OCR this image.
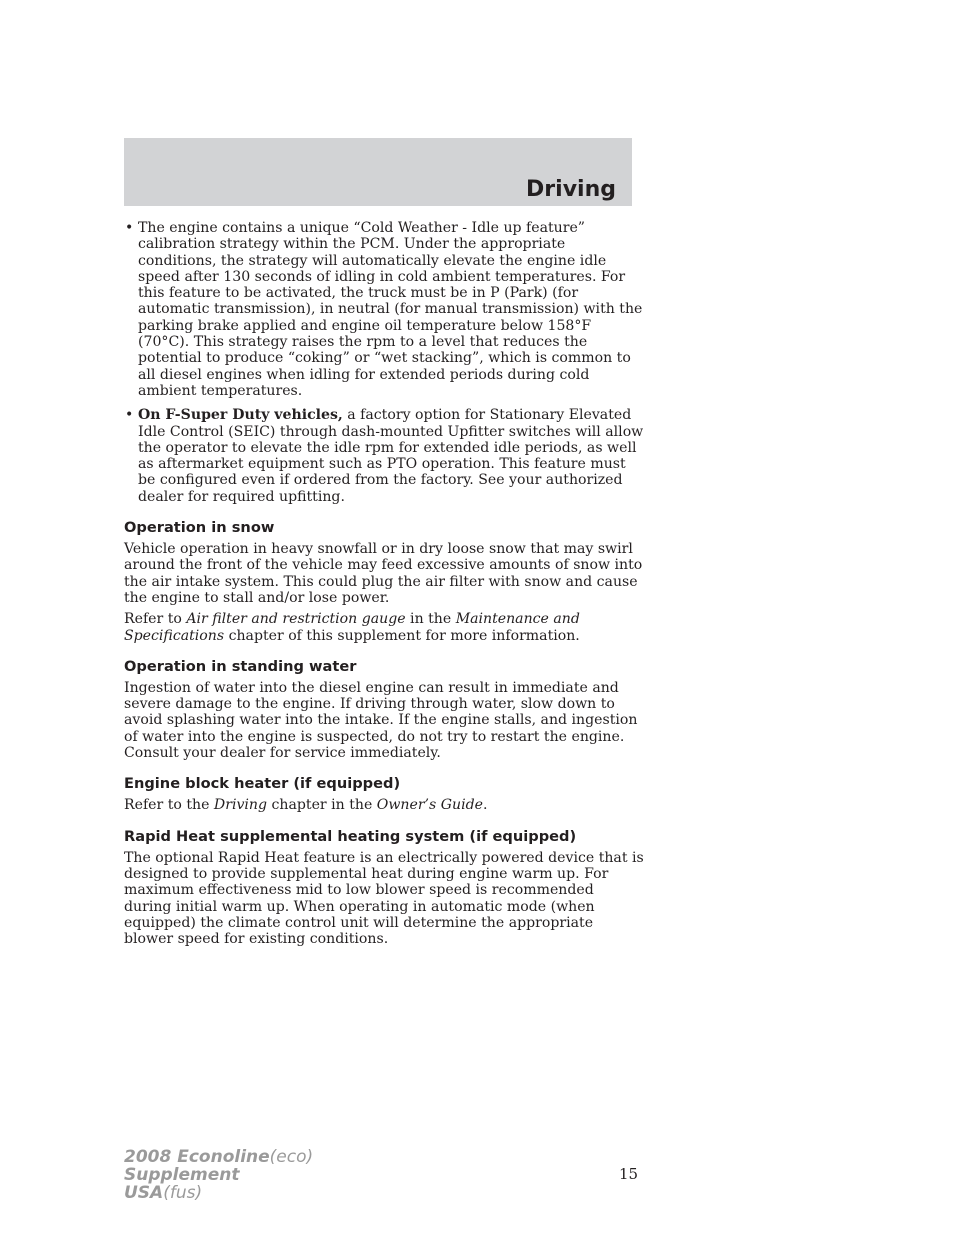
Driving
• The engine contains a unique “Cold Weather - Idle up feature” calibration strategy within the PCM. Under the appropriate conditions, the strategy will automatically elevate the engine idle speed after 130 seconds of idling in cold ambient temperatures. For this feature to be activated, the truck must be in P (Park) (for automatic transmission), in neutral (for manual transmission) with the parking brake applied and engine oil temperature below 158°F (70°C). This strategy raises the rpm to a level that reduces the potential to produce “coking” or “wet stacking”, which is common to all diesel engines when idling for extended periods during cold ambient temperatures.

• On F-Super Duty vehicles, a factory option for Stationary Elevated Idle Control (SEIC) through dash-mounted Upfitter switches will allow the operator to elevate the idle rpm for extended idle periods, as well as aftermarket equipment such as PTO operation. This feature must be configured even if ordered from the factory. See your authorized dealer for required upfitting.

Operation in snow

Vehicle operation in heavy snowfall or in dry loose snow that may swirl around the front of the vehicle may feed excessive amounts of snow into the air intake system. This could plug the air filter with snow and cause the engine to stall and/or lose power.

Refer to Air filter and restriction gauge in the Maintenance and Specifications chapter of this supplement for more information.

Operation in standing water

Ingestion of water into the diesel engine can result in immediate and severe damage to the engine. If driving through water, slow down to avoid splashing water into the intake. If the engine stalls, and ingestion of water into the engine is suspected, do not try to restart the engine. Consult your dealer for service immediately.

Engine block heater (if equipped)

Refer to the Driving chapter in the Owner’s Guide.

Rapid Heat supplemental heating system (if equipped)

The optional Rapid Heat feature is an electrically powered device that is designed to provide supplemental heat during engine warm up. For maximum effectiveness mid to low blower speed is recommended during initial warm up. When operating in automatic mode (when equipped) the climate control unit will determine the appropriate blower speed for existing conditions.

15
2008 Econoline(eco)
Supplement
USA(fus)
